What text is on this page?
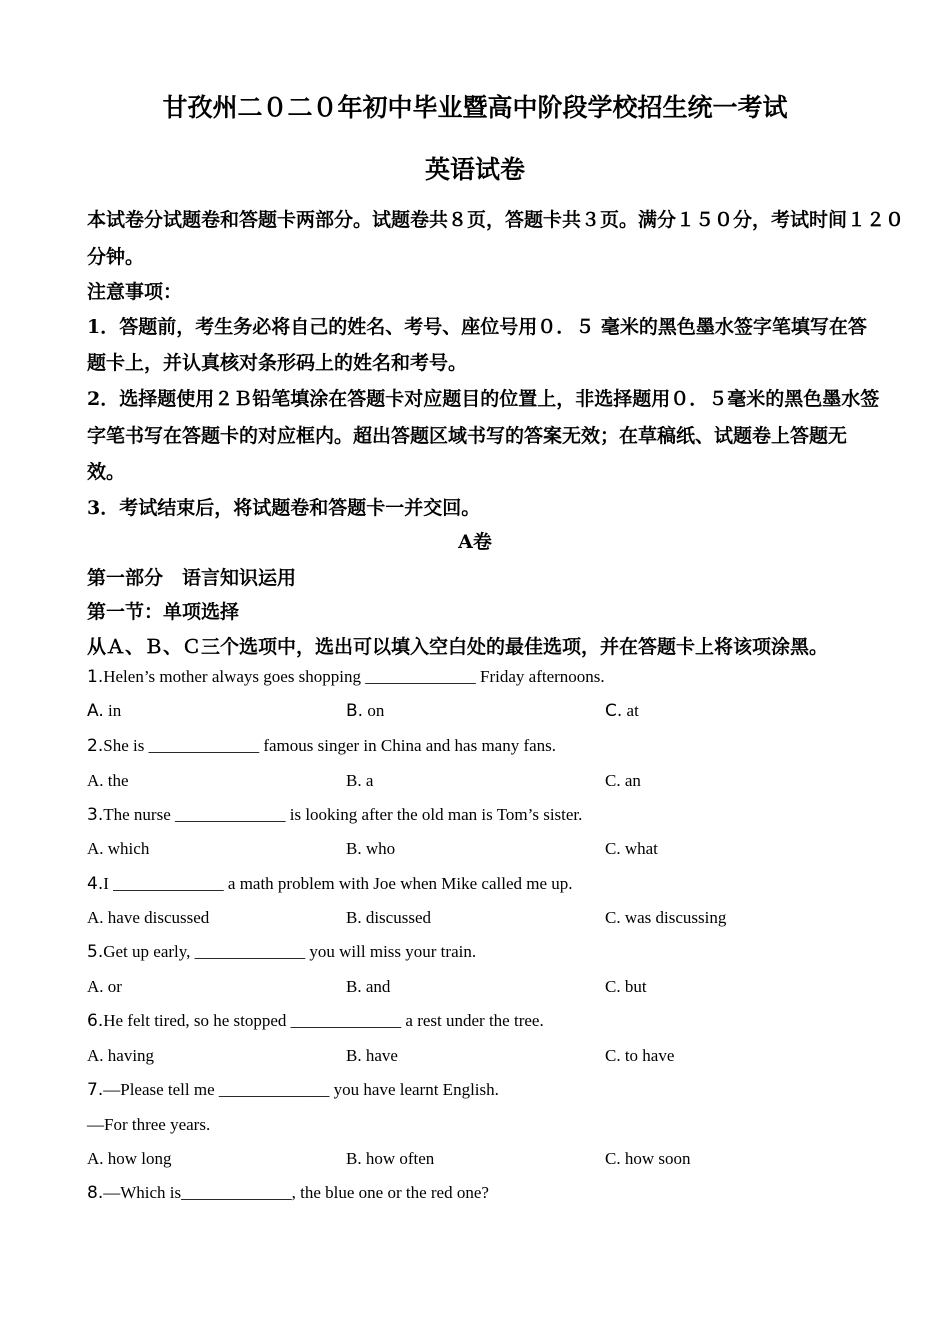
甘孜州二０二０年初中毕业暨高中阶段学校招生统一考试
英语试卷
本试卷分试题卷和答题卡两部分。试题卷共８页，答题卡共３页。满分１５０分，考试时间１２０
分钟。
注意事项：
1．答题前，考生务必将自己的姓名、考号、座位号用０．５ 毫米的黑色墨水签字笔填写在答
题卡上，并认真核对条形码上的姓名和考号。
2．选择题使用２Ｂ铅笔填涂在答题卡对应题目的位置上，非选择题用０．５毫米的黑色墨水签
字笔书写在答题卡的对应框内。超出答题区域书写的答案无效；在草稿纸、试题卷上答题无
效。
3．考试结束后，将试题卷和答题卡一并交回。
A卷
第一部分　语言知识运用
第一节：单项选择
从Ａ、Ｂ、Ｃ三个选项中，选出可以填入空白处的最佳选项，并在答题卡上将该项涂黑。
1.Helen’s mother always goes shopping _____________ Friday afternoons.
A. in	B. on	C. at
2.She is _____________ famous singer in China and has many fans.
A. the	B. a	C. an
3.The nurse _____________ is looking after the old man is Tom’s sister.
A. which	B. who	C. what
4.I _____________ a math problem with Joe when Mike called me up.
A. have discussed	B. discussed	C. was discussing
5.Get up early, _____________ you will miss your train.
A. or	B. and	C. but
6.He felt tired, so he stopped _____________ a rest under the tree.
A. having	B. have	C. to have
7.—Please tell me _____________ you have learnt English.
—For three years.
A. how long	B. how often	C. how soon
8.—Which is_____________, the blue one or the red one?
